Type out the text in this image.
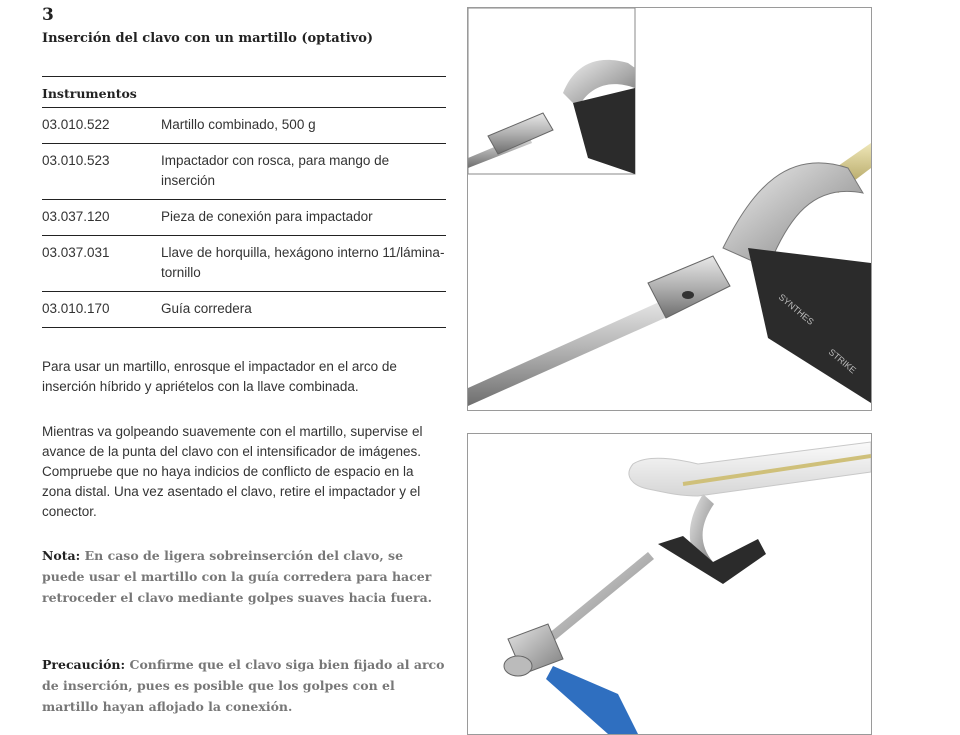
3

Inserción del clavo con un martillo (optativo)

Instrumentos	
03.010.522	Martillo combinado, 500 g
03.010.523	Impactador con rosca, para mango de inserción
03.037.120	Pieza de conexión para impactador
03.037.031	Llave de horquilla, hexágono interno 11/lámina-tornillo
03.010.170	Guía corredera

Para usar un martillo, enrosque el impactador en el arco de inserción híbrido y apriételos con la llave combinada.

Mientras va golpeando suavemente con el martillo, supervise el avance de la punta del clavo con el intensificador de imágenes. Compruebe que no haya indicios de conflicto de espacio en la zona distal. Una vez asentado el clavo, retire el impactador y el conector.

Nota: En caso de ligera sobreinserción del clavo, se puede usar el martillo con la guía corredera para hacer retroceder el clavo mediante golpes suaves hacia fuera.

Precaución: Confirme que el clavo siga bien fijado al arco de inserción, pues es posible que los golpes con el martillo hayan aflojado la conexión.

SYNTHES
STRIKE
